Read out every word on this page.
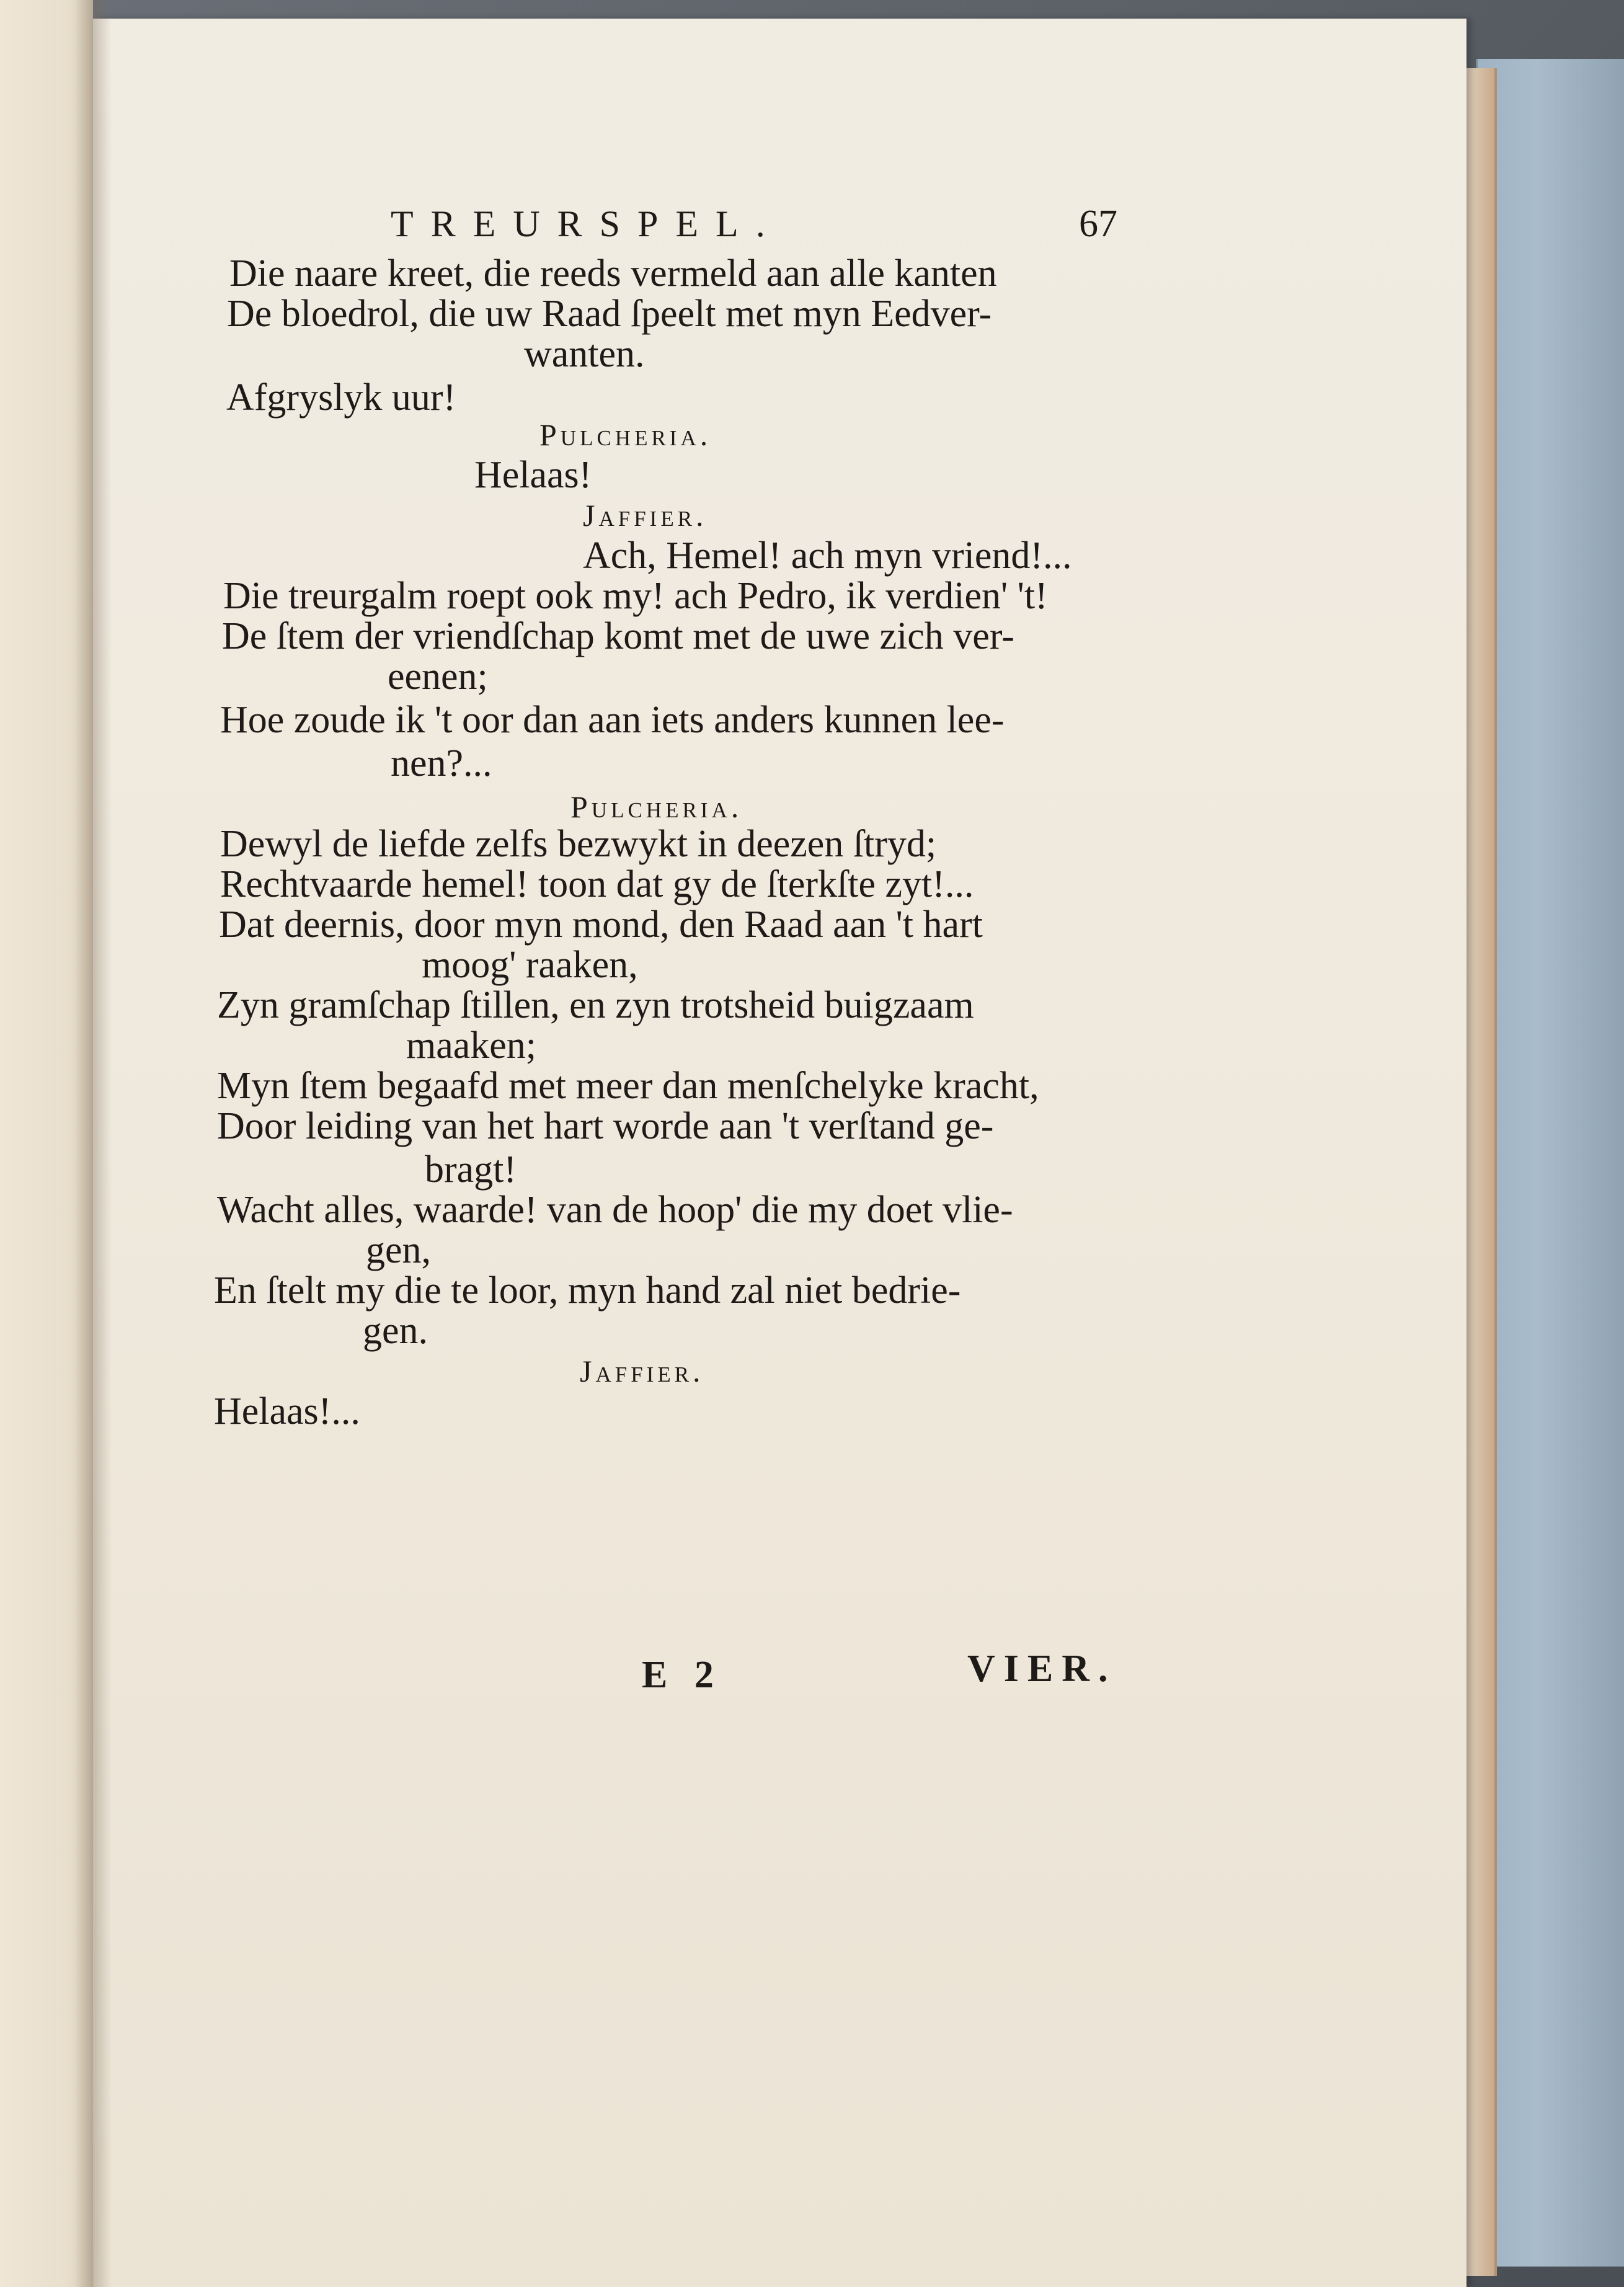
TREURSPEL.	67
Die naare kreet, die reeds vermeld aan alle kanten
De bloedrol, die uw Raad ſpeelt met myn Eedver-
wanten.
Afgryslyk uur!
Pulcheria.
Helaas!
Jaffier.
Ach, Hemel! ach myn vriend!...
Die treurgalm roept ook my! ach Pedro, ik verdien' 't!
De ſtem der vriendſchap komt met de uwe zich ver-
eenen;
Hoe zoude ik 't oor dan aan iets anders kunnen lee-
nen?...
Pulcheria.
Dewyl de liefde zelfs bezwykt in deezen ſtryd;
Rechtvaarde hemel! toon dat gy de ſterkſte zyt!...
Dat deernis, door myn mond, den Raad aan 't hart
moog' raaken,
Zyn gramſchap ſtillen, en zyn trotsheid buigzaam
maaken;
Myn ſtem begaafd met meer dan menſchelyke kracht,
Door leiding van het hart worde aan 't verſtand ge-
bragt!
Wacht alles, waarde! van de hoop' die my doet vlie-
gen,
En ſtelt my die te loor, myn hand zal niet bedrie-
gen.
Jaffier.
Helaas!...
E 2	VIER.
